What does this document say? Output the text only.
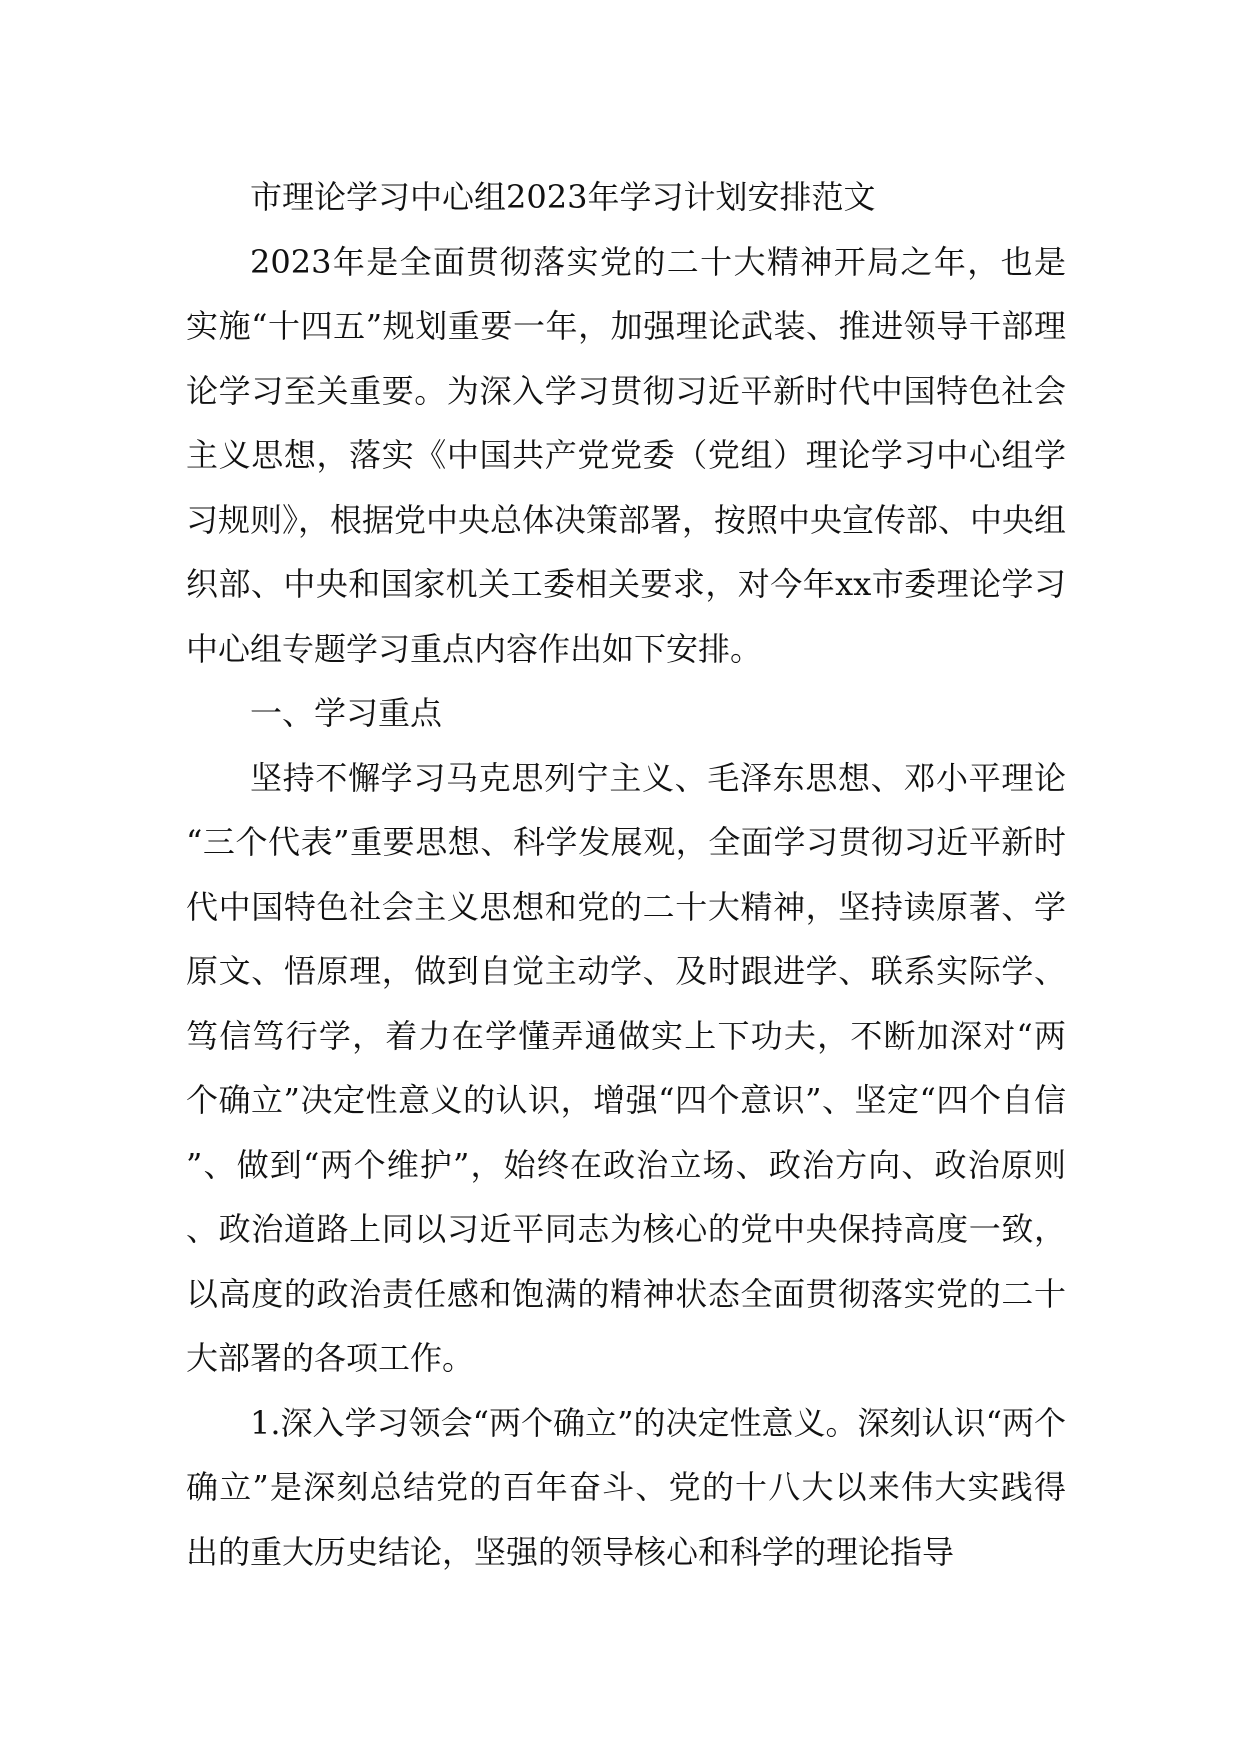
市理论学习中心组2023年学习计划安排范文

2023年是全面贯彻落实党的二十大精神开局之年，也是实施“十四五”规划重要一年，加强理论武装、推进领导干部理论学习至关重要。为深入学习贯彻习近平新时代中国特色社会主义思想，落实《中国共产党党委（党组）理论学习中心组学习规则》，根据党中央总体决策部署，按照中央宣传部、中央组织部、中央和国家机关工委相关要求，对今年xx市委理论学习中心组专题学习重点内容作出如下安排。

一、学习重点

坚持不懈学习马克思列宁主义、毛泽东思想、邓小平理论“三个代表”重要思想、科学发展观，全面学习贯彻习近平新时代中国特色社会主义思想和党的二十大精神，坚持读原著、学原文、悟原理，做到自觉主动学、及时跟进学、联系实际学、笃信笃行学，着力在学懂弄通做实上下功夫，不断加深对“两个确立”决定性意义的认识，增强“四个意识”、坚定“四个自信”、做到“两个维护”，始终在政治立场、政治方向、政治原则、政治道路上同以习近平同志为核心的党中央保持高度一致，以高度的政治责任感和饱满的精神状态全面贯彻落实党的二十大部署的各项工作。

1.深入学习领会“两个确立”的决定性意义。深刻认识“两个确立”是深刻总结党的百年奋斗、党的十八大以来伟大实践得出的重大历史结论，坚强的领导核心和科学的理论指导
